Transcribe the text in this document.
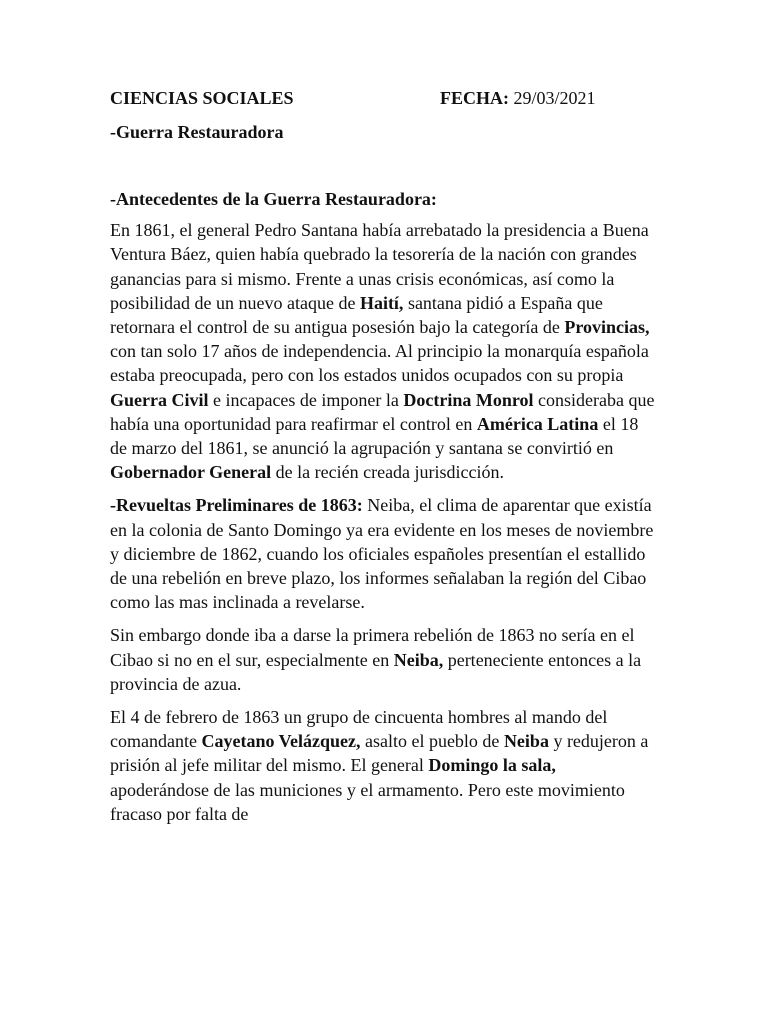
CIENCIAS SOCIALES	FECHA: 29/03/2021
-Guerra Restauradora

-Antecedentes de la Guerra Restauradora:

En 1861, el general Pedro Santana había arrebatado la presidencia a Buena Ventura Báez, quien había quebrado la tesorería de la nación con grandes ganancias para si mismo. Frente a unas crisis económicas, así como la posibilidad de un nuevo ataque de Haití, santana pidió a España que retornara el control de su antigua posesión bajo la categoría de Provincias, con tan solo 17 años de independencia. Al principio la monarquía española estaba preocupada, pero con los estados unidos ocupados con su propia Guerra Civil e incapaces de imponer la Doctrina Monrol consideraba que había una oportunidad para reafirmar el control en América Latina el 18 de marzo del 1861, se anunció la agrupación y santana se convirtió en Gobernador General de la recién creada jurisdicción.

-Revueltas Preliminares de 1863: Neiba, el clima de aparentar que existía en la colonia de Santo Domingo ya era evidente en los meses de noviembre y diciembre de 1862, cuando los oficiales españoles presentían el estallido de una rebelión en breve plazo, los informes señalaban la región del Cibao como las mas inclinada a revelarse.

Sin embargo donde iba a darse la primera rebelión de 1863 no sería en el Cibao si no en el sur, especialmente en Neiba, perteneciente entonces a la provincia de azua.

El 4 de febrero de 1863 un grupo de cincuenta hombres al mando del comandante Cayetano Velázquez, asalto el pueblo de Neiba y redujeron a prisión al jefe militar del mismo. El general Domingo la sala, apoderándose de las municiones y el armamento. Pero este movimiento fracaso por falta de
